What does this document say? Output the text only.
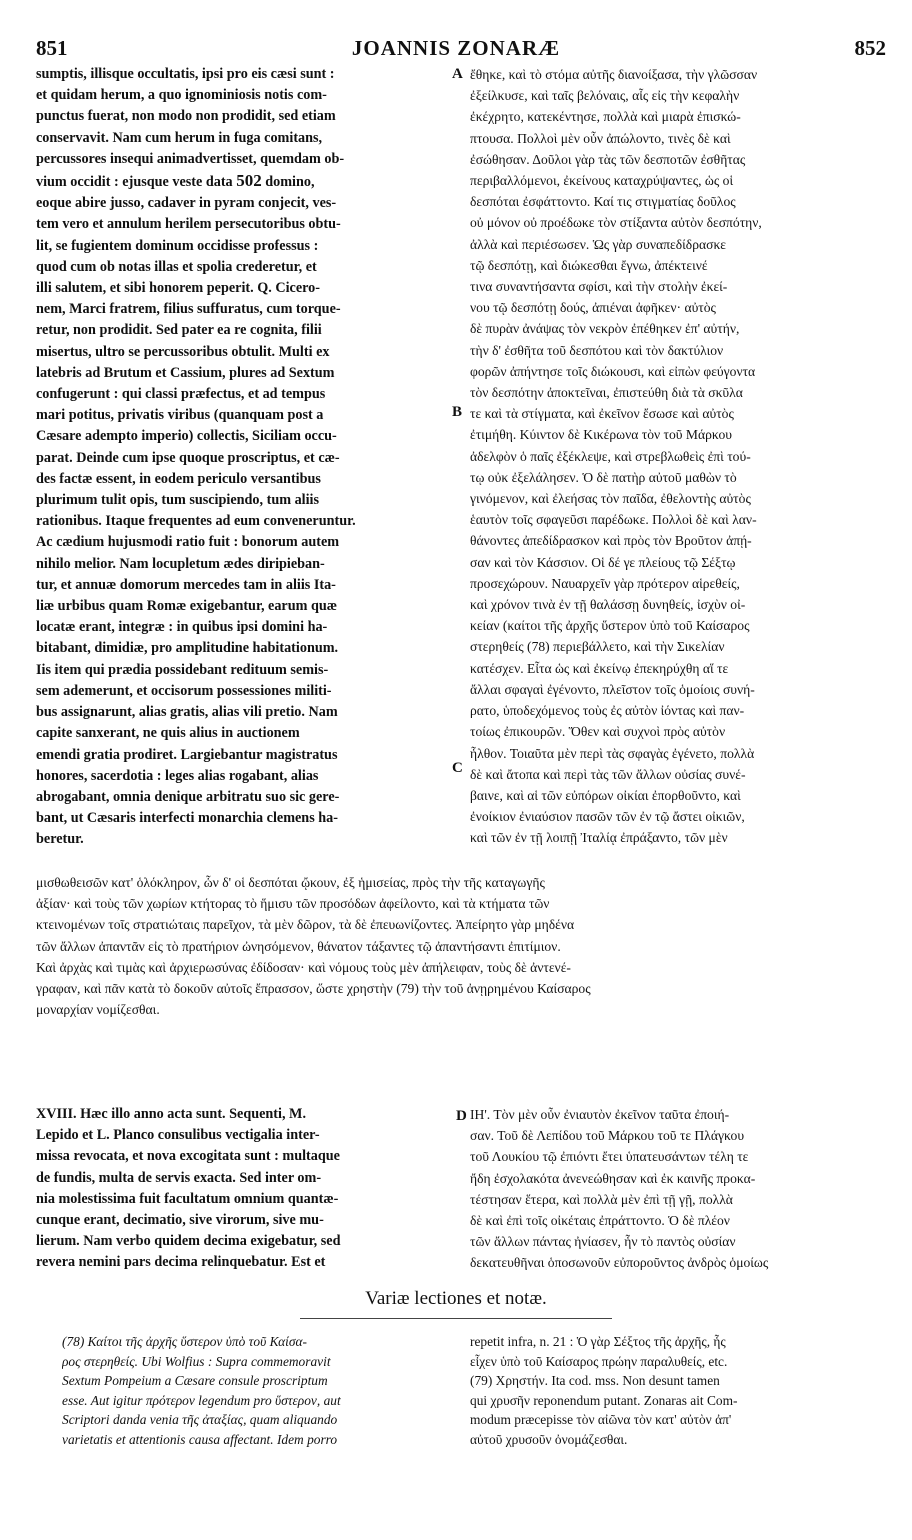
851	JOANNIS ZONARÆ	852

sumptis, illisque occultatis, ipsi pro eis cæsi sunt :

et quidam herum, a quo ignominiosis notis com-

punctus fuerat, non modo non prodidit, sed etiam

conservavit. Nam cum herum in fuga comitans,

percussores insequi animadvertisset, quemdam ob-

vium occidit : ejusque veste data 502 domino,

eoque abire jusso, cadaver in pyram conjecit, ves-

tem vero et annulum herilem persecutoribus obtu-

lit, se fugientem dominum occidisse professus :

quod cum ob notas illas et spolia crederetur, et

illi salutem, et sibi honorem peperit. Q. Cicero-

nem, Marci fratrem, filius suffuratus, cum torque-

retur, non prodidit. Sed pater ea re cognita, filii

misertus, ultro se percussoribus obtulit. Multi ex

latebris ad Brutum et Cassium, plures ad Sextum

confugerunt : qui classi præfectus, et ad tempus

mari potitus, privatis viribus (quanquam post a

Cæsare adempto imperio) collectis, Siciliam occu-

parat. Deinde cum ipse quoque proscriptus, et cæ-

des factæ essent, in eodem periculo versantibus

plurimum tulit opis, tum suscipiendo, tum aliis

rationibus. Itaque frequentes ad eum conveneruntur.

Ac cædium hujusmodi ratio fuit : bonorum autem

nihilo melior. Nam locupletum ædes diripieban-

tur, et annuæ domorum mercedes tam in aliis Ita-

liæ urbibus quam Romæ exigebantur, earum quæ

locatæ erant, integræ : in quibus ipsi domini ha-

bitabant, dimidiæ, pro amplitudine habitationum.

Iis item qui prædia possidebant redituum semis-

sem ademerunt, et occisorum possessiones militi-

bus assignarunt, alias gratis, alias vili pretio. Nam

capite sanxerant, ne quis alius in auctionem

emendi gratia prodiret. Largiebantur magistratus

honores, sacerdotia : leges alias rogabant, alias

abrogabant, omnia denique arbitratu suo sic gere-

bant, ut Cæsaris interfecti monarchia clemens ha-

beretur.

ἔθηκε, καὶ τὸ στόμα αὐτῆς διανοίξασα, τὴν γλῶσσαν

ἐξείλκυσε, καὶ ταῖς βελόναις, αἷς εἰς τὴν κεφαλὴν

ἐκέχρητο, κατεκέντησε, πολλὰ καὶ μιαρὰ ἐπισκώ-

πτουσα. Πολλοὶ μὲν οὖν ἀπώλοντο, τινὲς δὲ καὶ

ἐσώθησαν. Δοῦλοι γὰρ τὰς τῶν δεσποτῶν ἐσθῆτας

περιβαλλόμενοι, ἐκείνους καταχρύψαντες, ὡς οἱ

δεσπόται ἐσφάττοντο. Καί τις στιγματίας δοῦλος

οὐ μόνον οὐ προέδωκε τὸν στίξαντα αὐτὸν δεσπότην,

ἀλλὰ καὶ περιέσωσεν. Ὡς γὰρ συναπεδίδρασκε

τῷ δεσπότῃ, καὶ διώκεσθαι ἔγνω, ἀπέκτεινέ

τινα συναντήσαντα σφίσι, καὶ τὴν στολὴν ἐκεί-

νου τῷ δεσπότῃ δούς, ἀπιέναι ἀφῆκεν· αὐτὸς

δὲ πυρὰν ἀνάψας τὸν νεκρὸν ἐπέθηκεν ἐπ' αὐτήν,

τὴν δ' ἐσθῆτα τοῦ δεσπότου καὶ τὸν δακτύλιον

φορῶν ἀπήντησε τοῖς διώκουσι, καὶ εἰπὼν φεύγοντα

τὸν δεσπότην ἀποκτεῖναι, ἐπιστεύθη διὰ τὰ σκῦλα

τε καὶ τὰ στίγματα, καὶ ἐκεῖνον ἔσωσε καὶ αὐτὸς

ἐτιμήθη. Κύιντον δὲ Κικέρωνα τὸν τοῦ Μάρκου

ἀδελφὸν ὁ παῖς ἐξέκλεψε, καὶ στρεβλωθεὶς ἐπὶ τού-

τῳ οὐκ ἐξελάλησεν. Ὁ δὲ πατὴρ αὐτοῦ μαθὼν τὸ

γινόμενον, καὶ ἐλεήσας τὸν παῖδα, ἐθελοντὴς αὐτὸς

ἑαυτὸν τοῖς σφαγεῦσι παρέδωκε. Πολλοὶ δὲ καὶ λαν-

θάνοντες ἀπεδίδρασκον καὶ πρὸς τὸν Βροῦτον ἀπῄ-

σαν καὶ τὸν Κάσσιον. Οἱ δέ γε πλείους τῷ Σέξτῳ

προσεχώρουν. Ναυαρχεῖν γὰρ πρότερον αἱρεθείς,

καὶ χρόνον τινὰ ἐν τῇ θαλάσσῃ δυνηθείς, ἰσχὺν οἰ-

κείαν (καίτοι τῆς ἀρχῆς ὕστερον ὑπὸ τοῦ Καίσαρος

στερηθείς (78) περιεβάλλετο, καὶ τὴν Σικελίαν

κατέσχεν. Εἶτα ὡς καὶ ἐκείνῳ ἐπεκηρύχθη αἵ τε

ἄλλαι σφαγαὶ ἐγένοντο, πλεῖστον τοῖς ὁμοίοις συνή-

ρατο, ὑποδεχόμενος τοὺς ἐς αὐτὸν ἰόντας καὶ παν-

τοίως ἐπικουρῶν. Ὅθεν καὶ συχνοὶ πρὸς αὐτὸν

ἦλθον. Τοιαῦτα μὲν περὶ τὰς σφαγὰς ἐγένετο, πολλὰ

δὲ καὶ ἄτοπα καὶ περὶ τὰς τῶν ἄλλων οὐσίας συνέ-

βαινε, καὶ αἱ τῶν εὐπόρων οἰκίαι ἐπορθοῦντο, καὶ

ἐνοίκιον ἐνιαύσιον πασῶν τῶν ἐν τῷ ἄστει οἰκιῶν,

καὶ τῶν ἐν τῇ λοιπῇ Ἰταλίᾳ ἐπράξαντο, τῶν μὲν

A
B
C
D

μισθωθεισῶν κατ' ὁλόκληρον, ὧν δ' οἱ δεσπόται ᾤκουν, ἐξ ἡμισείας, πρὸς τὴν τῆς καταγωγῆς

ἀξίαν· καὶ τοὺς τῶν χωρίων κτήτορας τὸ ἥμισυ τῶν προσόδων ἀφείλοντο, καὶ τὰ κτήματα τῶν

κτεινομένων τοῖς στρατιώταις παρεῖχον, τὰ μὲν δῶρον, τὰ δὲ ἐπευωνίζοντες. Ἀπείρητο γὰρ μηδένα

τῶν ἄλλων ἀπαντᾶν εἰς τὸ πρατήριον ὠνησόμενον, θάνατον τάξαντες τῷ ἀπαντήσαντι ἐπιτίμιον.

Καὶ ἀρχὰς καὶ τιμὰς καὶ ἀρχιερωσύνας ἐδίδοσαν· καὶ νόμους τοὺς μὲν ἀπήλειφαν, τοὺς δὲ ἀντενέ-

γραφαν, καὶ πᾶν κατὰ τὸ δοκοῦν αὐτοῖς ἔπρασσον, ὥστε χρηστὴν (79) τὴν τοῦ ἀνῃρημένου Καίσαρος

μοναρχίαν νομίζεσθαι.

XVIII. Hæc illo anno acta sunt. Sequenti, M.

Lepido et L. Planco consulibus vectigalia inter-

missa revocata, et nova excogitata sunt : multaque

de fundis, multa de servis exacta. Sed inter om-

nia molestissima fuit facultatum omnium quantæ-

cunque erant, decimatio, sive virorum, sive mu-

lierum. Nam verbo quidem decima exigebatur, sed

revera nemini pars decima relinquebatur. Est et

ΙΗ'. Τὸν μὲν οὖν ἐνιαυτὸν ἐκεῖνον ταῦτα ἐποιή-

σαν. Τοῦ δὲ Λεπίδου τοῦ Μάρκου τοῦ τε Πλάγκου

τοῦ Λουκίου τῷ ἐπιόντι ἔτει ὑπατευσάντων τέλη τε

ἤδη ἐσχολακότα ἀνενεώθησαν καὶ ἐκ καινῆς προκα-

τέστησαν ἕτερα, καὶ πολλὰ μὲν ἐπὶ τῇ γῇ, πολλὰ

δὲ καὶ ἐπὶ τοῖς οἰκέταις ἐπράττοντο. Ὁ δὲ πλέον

τῶν ἄλλων πάντας ἠνίασεν, ἦν τὸ παντὸς οὐσίαν

δεκατευθῆναι ὁποσωνοῦν εὐποροῦντος ἀνδρὸς ὁμοίως

Variæ lectiones et notæ.

(78) Καίτοι τῆς ἀρχῆς ὕστερον ὑπὸ τοῦ Καίσα-

ρος στερηθείς. Ubi Wolfius : Supra commemoravit

Sextum Pompeium a Cæsare consule proscriptum

esse. Aut igitur πρότερον legendum pro ὕστερον, aut

Scriptori danda venia τῆς ἀταξίας, quam aliquando

varietatis et attentionis causa affectant. Idem porro

repetit infra, n. 21 : Ὁ γὰρ Σέξτος τῆς ἀρχῆς, ἧς

εἶχεν ὑπὸ τοῦ Καίσαρος πρώην παραλυθείς, etc.

(79) Χρηστήν. Ita cod. mss. Non desunt tamen

qui χρυσῆν reponendum putant. Zonaras ait Com-

modum præcepisse τὸν αἰῶνα τὸν κατ' αὐτὸν ἀπ'

αὐτοῦ χρυσοῦν ὀνομάζεσθαι.
